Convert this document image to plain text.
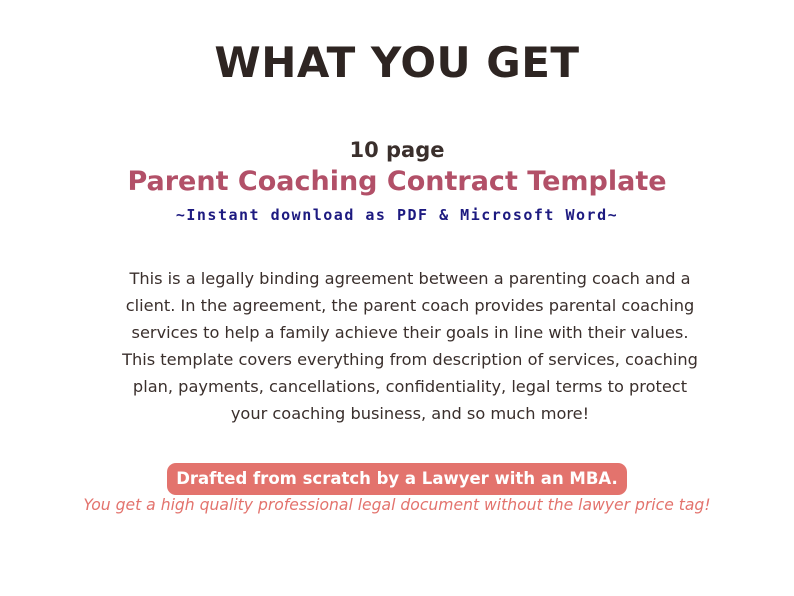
WHAT YOU GET
10 page
Parent Coaching Contract Template
~Instant download as PDF & Microsoft Word~
This is a legally binding agreement between a parenting coach and a
client. In the agreement, the parent coach provides parental coaching
services to help a family achieve their goals in line with their values.
This template covers everything from description of services, coaching
plan, payments, cancellations, confidentiality, legal terms to protect
your coaching business, and so much more!
Drafted from scratch by a Lawyer with an MBA.
You get a high quality professional legal document without the lawyer price tag!
